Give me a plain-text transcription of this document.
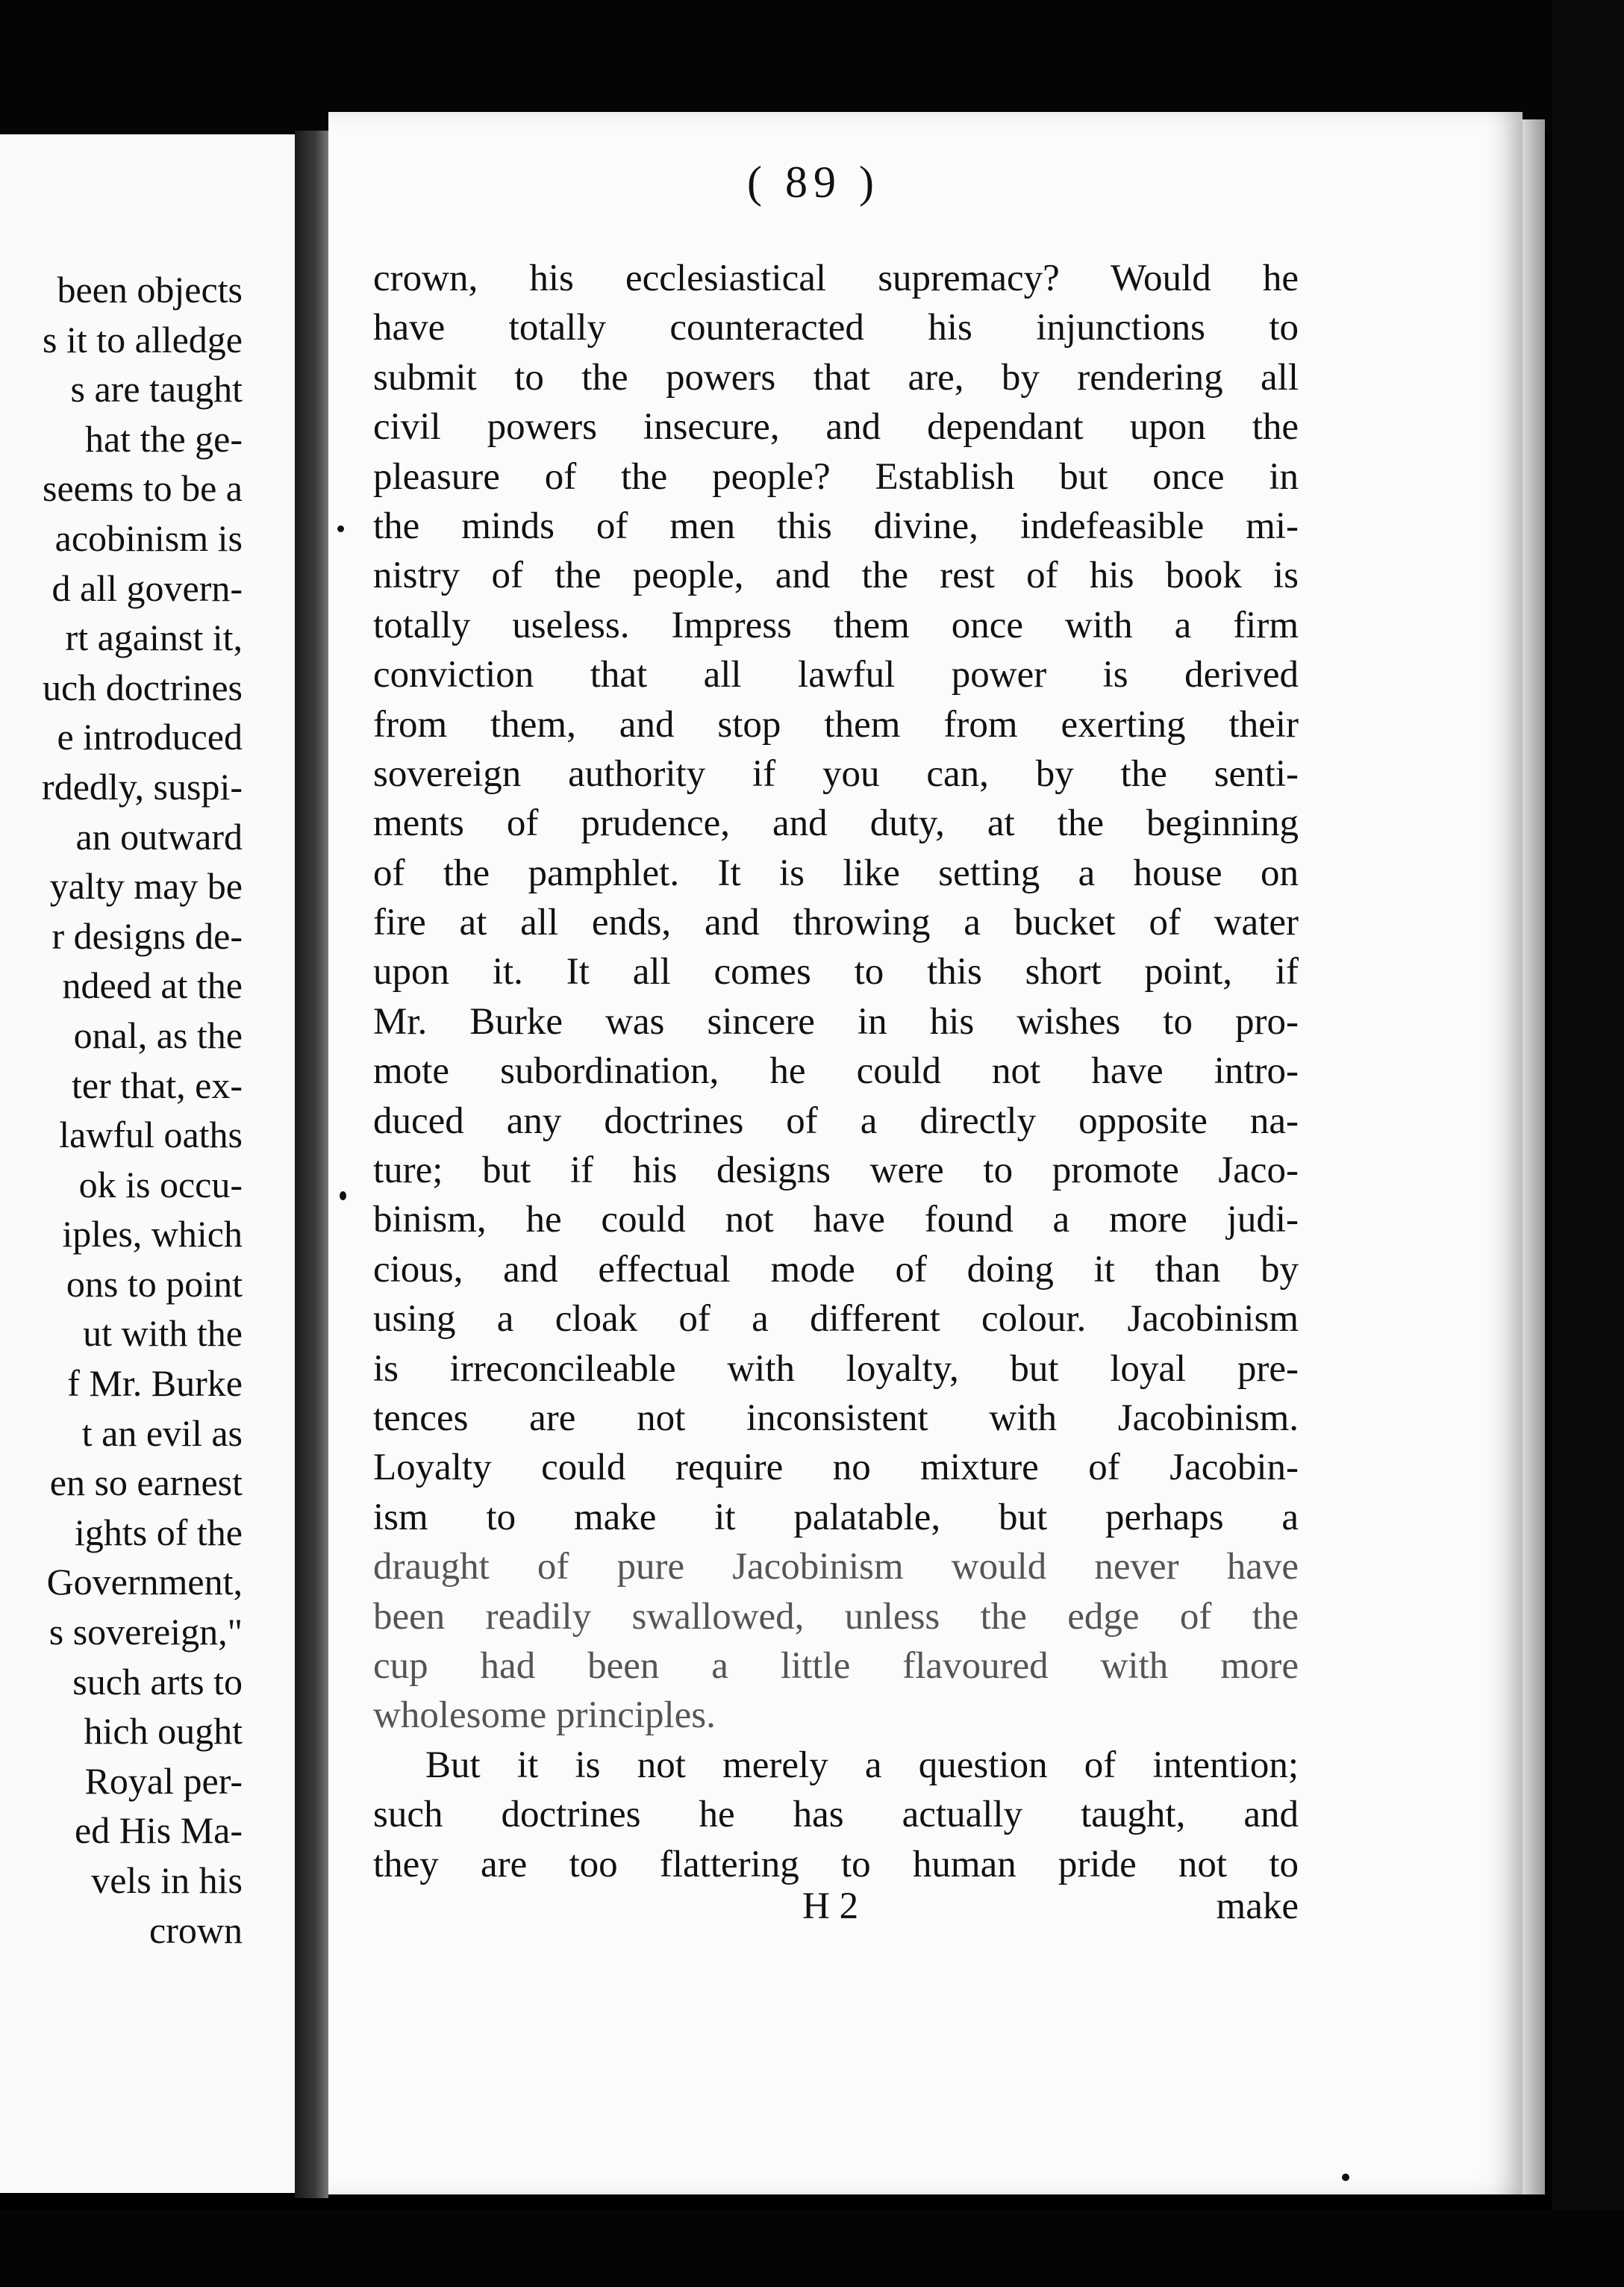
been objects
s it to alledge
s are taught
hat the ge-
seems to be a
acobinism is
d all govern-
rt against it,
uch doctrines
e introduced
rdedly, suspi-
an outward
yalty may be
r designs de-
ndeed at the
onal, as the
ter that, ex-
lawful oaths
ok is occu-
iples, which
ons to point
ut with the
f Mr. Burke
t an evil as
en so earnest
ights of the
Government,
s sovereign,"
such arts to
hich ought
Royal per-
ed His Ma-
vels in his
crown
( 89 )
crown, his ecclesiastical supremacy? Would he
have totally counteracted his injunctions to
submit to the powers that are, by rendering all
civil powers insecure, and dependant upon the
pleasure of the people? Establish but once in
the minds of men this divine, indefeasible mi-
nistry of the people, and the rest of his book is
totally useless. Impress them once with a firm
conviction that all lawful power is derived
from them, and stop them from exerting their
sovereign authority if you can, by the senti-
ments of prudence, and duty, at the beginning
of the pamphlet. It is like setting a house on
fire at all ends, and throwing a bucket of water
upon it. It all comes to this short point, if
Mr. Burke was sincere in his wishes to pro-
mote subordination, he could not have intro-
duced any doctrines of a directly opposite na-
ture; but if his designs were to promote Jaco-
binism, he could not have found a more judi-
cious, and effectual mode of doing it than by
using a cloak of a different colour. Jacobinism
is irreconcileable with loyalty, but loyal pre-
tences are not inconsistent with Jacobinism.
Loyalty could require no mixture of Jacobin-
ism to make it palatable, but perhaps a
draught of pure Jacobinism would never have
been readily swallowed, unless the edge of the
cup had been a little flavoured with more
wholesome principles.
But it is not merely a question of intention;
such doctrines he has actually taught, and
they are too flattering to human pride not to
H 2	make
